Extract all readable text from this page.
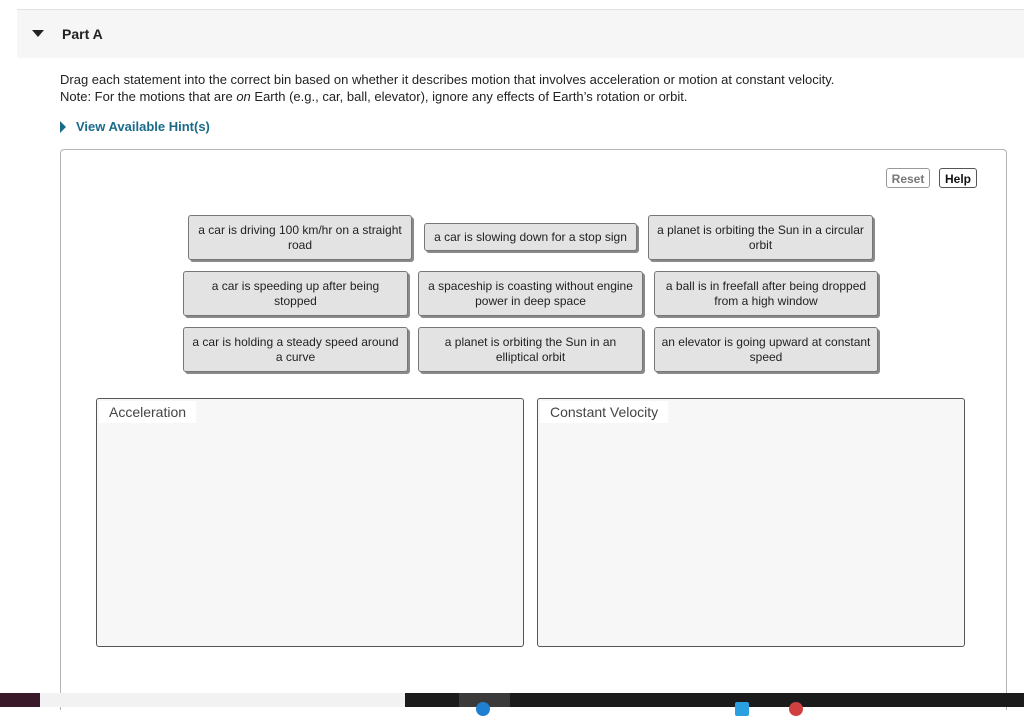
Part A
Drag each statement into the correct bin based on whether it describes motion that involves acceleration or motion at constant velocity.
Note: For the motions that are on Earth (e.g., car, ball, elevator), ignore any effects of Earth’s rotation or orbit.
View Available Hint(s)
Reset	Help
a car is driving 100 km/hr on a straight road
a car is slowing down for a stop sign	a planet is orbiting the Sun in a circular orbit
a car is speeding up after being stopped
a spaceship is coasting without engine power in deep space
a ball is in freefall after being dropped from a high window
a car is holding a steady speed around a curve
a planet is orbiting the Sun in an elliptical orbit
an elevator is going upward at constant speed
Acceleration	Constant Velocity
